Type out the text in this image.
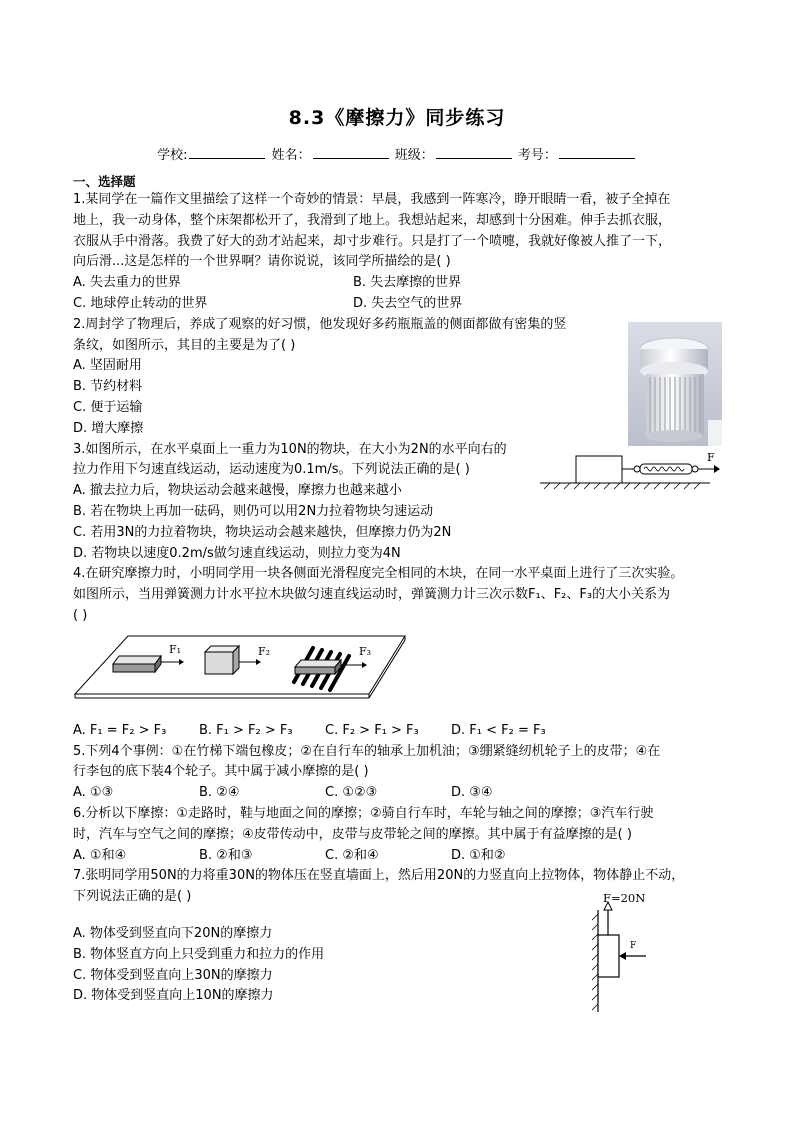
8.3《摩擦力》同步练习
学校:	姓名：	班级：	考号：
一、选择题
1.某同学在一篇作文里描绘了这样一个奇妙的情景：早晨，我感到一阵寒冷，睁开眼睛一看，被子全掉在
地上，我一动身体，整个床架都松开了，我滑到了地上。我想站起来，却感到十分困难。伸手去抓衣服，
衣服从手中滑落。我费了好大的劲才站起来，却寸步难行。只是打了一个喷嚏，我就好像被人推了一下，
向后滑...这是怎样的一个世界啊？请你说说，该同学所描绘的是( )
A. 失去重力的世界	B. 失去摩擦的世界
C. 地球停止转动的世界	D. 失去空气的世界
2.周封学了物理后，养成了观察的好习惯，他发现好多药瓶瓶盖的侧面都做有密集的竖
条纹，如图所示，其目的主要是为了( )
A. 坚固耐用
B. 节约材料
C. 便于运输
D. 增大摩擦
3.如图所示，在水平桌面上一重力为10N的物块，在大小为2N的水平向右的
拉力作用下匀速直线运动，运动速度为0.1m/s。下列说法正确的是( )
A. 撤去拉力后，物块运动会越来越慢，摩擦力也越来越小
B. 若在物块上再加一砝码，则仍可以用2N力拉着物块匀速运动
C. 若用3N的力拉着物块，物块运动会越来越快，但摩擦力仍为2N
D. 若物块以速度0.2m/s做匀速直线运动，则拉力变为4N
4.在研究摩擦力时，小明同学用一块各侧面光滑程度完全相同的木块，在同一水平桌面上进行了三次实验。
如图所示，当用弹簧测力计水平拉木块做匀速直线运动时，弹簧测力计三次示数F₁、F₂、F₃的大小关系为
( )
A. F₁ = F₂ > F₃	B. F₁ > F₂ > F₃	C. F₂ > F₁ > F₃	D. F₁ < F₂ = F₃
5.下列4个事例：①在竹梯下端包橡皮；②在自行车的轴承上加机油；③绷紧缝纫机轮子上的皮带；④在
行李包的底下装4个轮子。其中属于减小摩擦的是( )
A. ①③	B. ②④	C. ①②③	D. ③④
6.分析以下摩擦：①走路时，鞋与地面之间的摩擦；②骑自行车时，车轮与轴之间的摩擦；③汽车行驶
时，汽车与空气之间的摩擦；④皮带传动中，皮带与皮带轮之间的摩擦。其中属于有益摩擦的是( )
A. ①和④	B. ②和③	C. ②和④	D. ①和②
7.张明同学用50N的力将重30N的物体压在竖直墙面上，然后用20N的力竖直向上拉物体，物体静止不动，
下列说法正确的是( )
A. 物体受到竖直向下20N的摩擦力
B. 物体竖直方向上只受到重力和拉力的作用
C. 物体受到竖直向上30N的摩擦力
D. 物体受到竖直向上10N的摩擦力
F
F₁	F₂	F₃
F=20N
F
